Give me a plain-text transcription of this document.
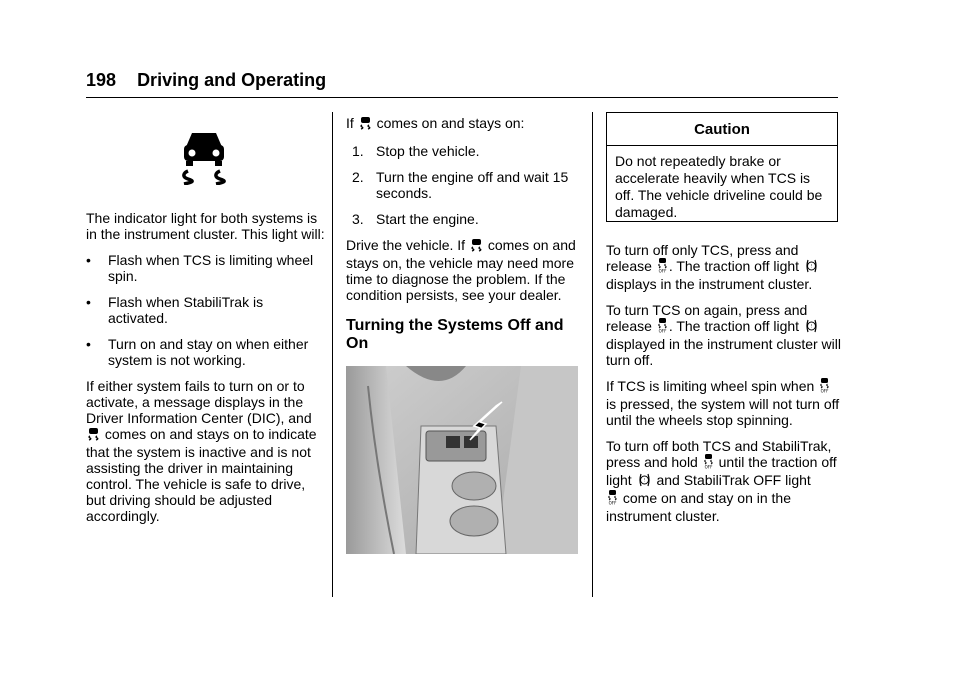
198 Driving and Operating

The indicator light for both systems is in the instrument cluster. This light will:

• Flash when TCS is limiting wheel spin.
• Flash when StabiliTrak is activated.
• Turn on and stay on when either system is not working.

If either system fails to turn on or to activate, a message displays in the Driver Information Center (DIC), and
comes on and stays on to indicate that the system is inactive and is not assisting the driver in maintaining control. The vehicle is safe to drive, but driving should be adjusted accordingly.

If comes on and stays on:

1. Stop the vehicle.
2. Turn the engine off and wait 15 seconds.
3. Start the engine.

Drive the vehicle. If comes on and stays on, the vehicle may need more time to diagnose the problem. If the condition persists, see your dealer.

Turning the Systems Off and On
Caution
Do not repeatedly brake or accelerate heavily when TCS is off. The vehicle driveline could be damaged.

To turn off only TCS, press and release OFF . The traction off light	!

displays in the instrument cluster.

To turn TCS on again, press and release OFF . The traction off light	!

displayed in the instrument cluster will turn off.

If TCS is limiting wheel spin when OFF

is pressed, the system will not turn off until the wheels stop spinning.

To turn off both TCS and StabiliTrak, press and hold OFF until the traction off light	! and StabiliTrak OFF light

OFF come on and stay on in the instrument cluster.
